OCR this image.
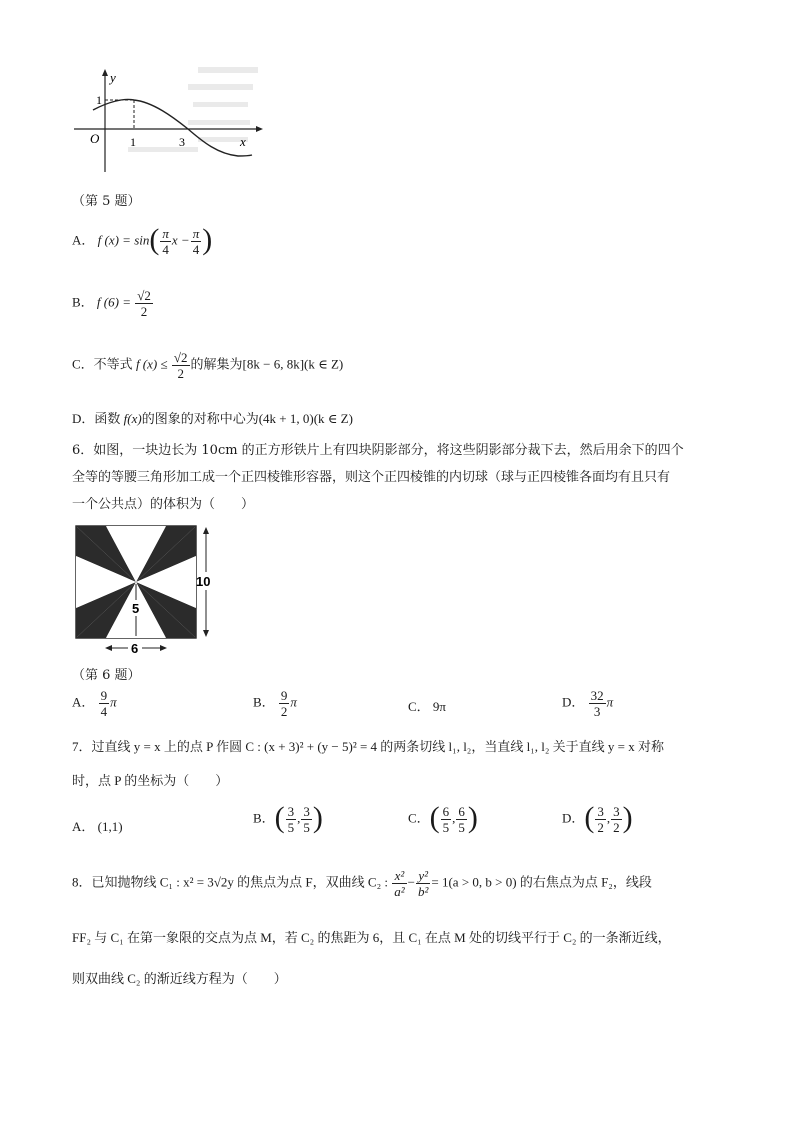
y
x
O
1
1	3
（第 5 题）
A． f $(x) = \sin( \frac{\pi}{4}$ $x - \frac{\pi}{4}$ )
B． f $(6) = \frac{√2}{2}$
C．不等式 f $(x) \le \frac{√2}{2}$ 的解集为[8k − 6, 8k](k ∈ Z)
D．函数 f(x)的图象的对称中心为(4k + 1, 0)(k ∈ Z)
6．如图，一块边长为 10cm 的正方形铁片上有四块阴影部分，将这些阴影部分裁下去，然后用余下的四个
全等的等腰三角形加工成一个正四棱锥形容器，则这个正四棱锥的内切球（球与正四棱锥各面均有且只有
一个公共点）的体积为（　　）
10
5
6
（第 6 题）
A． $\frac{9}{4}$ π	B． $\frac{9}{2}$ π	C． 9π	D． $\frac{32}{3}$ π
7．过直线 y = x 上的点 P 作圆 C : (x + 3)² + (y − 5)² = 4 的两条切线 l₁, l₂，当直线 l₁, l₂ 关于直线 y = x 对称
时，点 P 的坐标为（　　）
A． (1,1)
B．( $\frac{3}{5}$ , $\frac{3}{5}$ )	C．( $\frac{6}{5}$ , $\frac{6}{5}$ )	D．( $\frac{3}{2}$ , $\frac{3}{2}$ )
8．已知抛物线 C₁ : x² = 3√2y 的焦点为点 F，双曲线 C₂ : $\frac{\text{x²}}{\text{a²}} - \frac{\text{y²}}{\text{b²}} = 1(a > 0$, b > 0) 的右焦点为点 F₂，线段
FF₂ 与 C₁ 在第一象限的交点为点 M，若 C₂ 的焦距为 6，且 C₁ 在点 M 处的切线平行于 C₂ 的一条渐近线，
则双曲线 C₂ 的渐近线方程为（　　）
